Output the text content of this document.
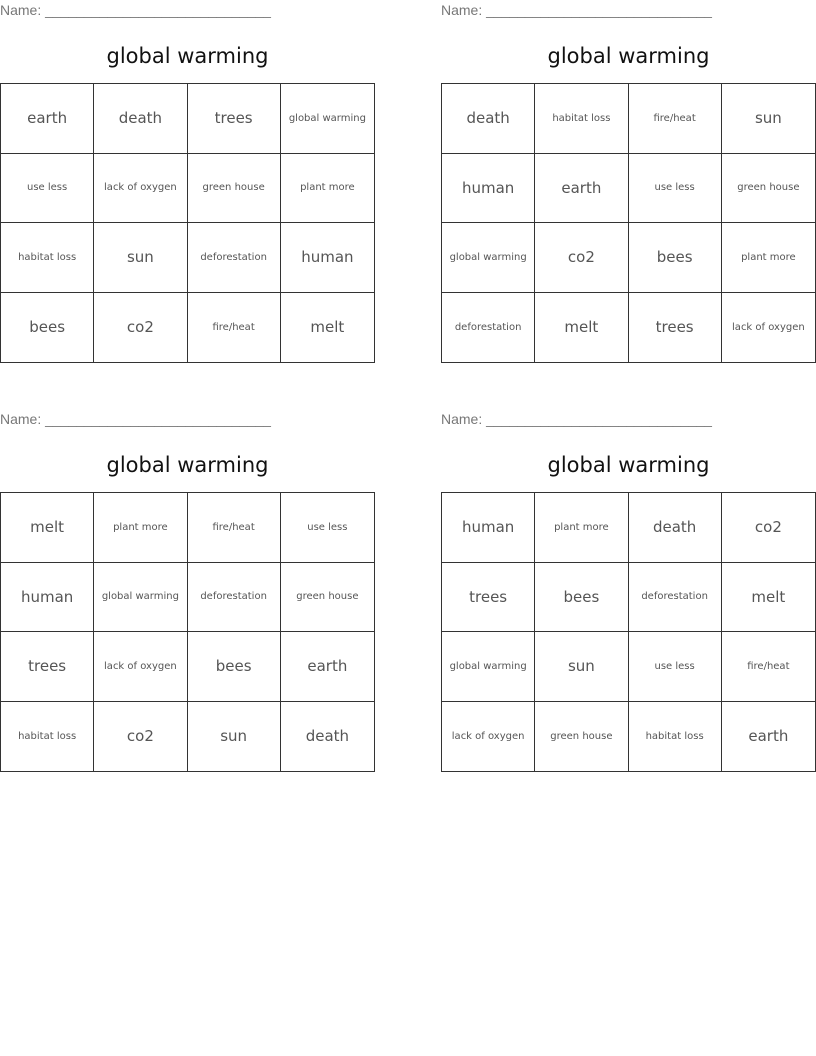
Name: _____________________________
global warming
earth	death	trees	global warming
use less	lack of oxygen	green house	plant more
habitat loss	sun	deforestation	human
bees	co2	fire/heat	melt
Name: _____________________________
global warming
death	habitat loss	fire/heat	sun
human	earth	use less	green house
global warming	co2	bees	plant more
deforestation	melt	trees	lack of oxygen
Name: _____________________________
global warming
melt	plant more	fire/heat	use less
human	global warming	deforestation	green house
trees	lack of oxygen	bees	earth
habitat loss	co2	sun	death
Name: _____________________________
global warming
human	plant more	death	co2
trees	bees	deforestation	melt
global warming	sun	use less	fire/heat
lack of oxygen	green house	habitat loss	earth
